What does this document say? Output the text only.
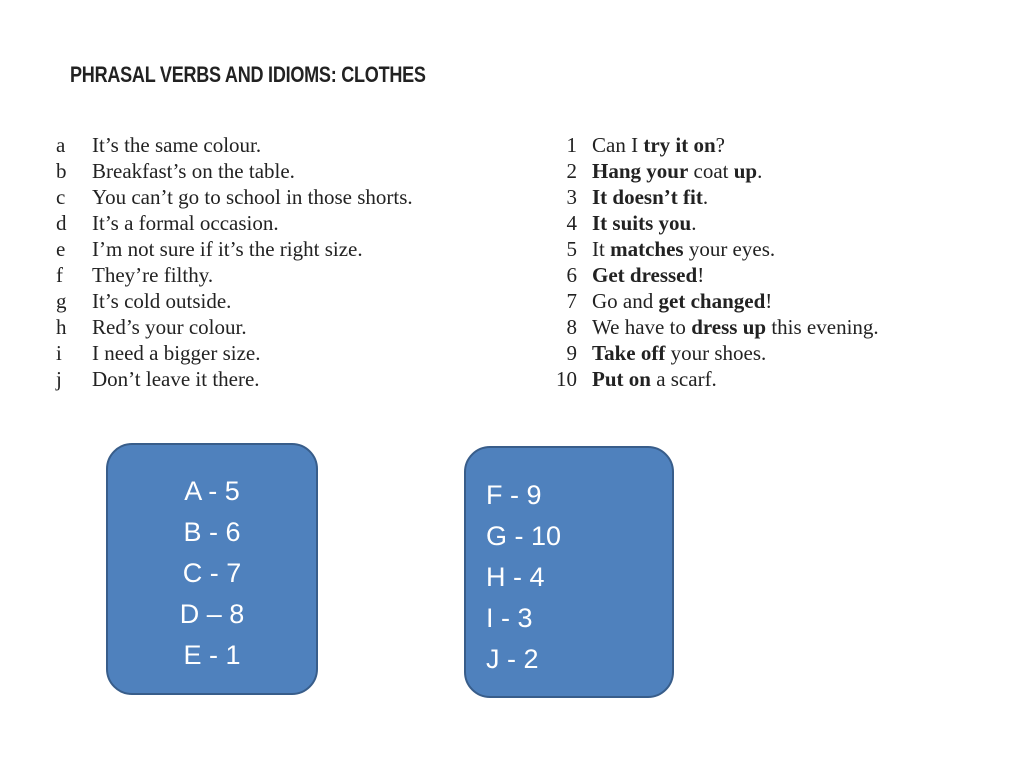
PHRASAL VERBS AND IDIOMS: CLOTHES
a	It’s the same colour.
b	Breakfast’s on the table.
c	You can’t go to school in those shorts.
d	It’s a formal occasion.
e	I’m not sure if it’s the right size.
f	They’re filthy.
g	It’s cold outside.
h	Red’s your colour.
i	I need a bigger size.
j	Don’t leave it there.
1 Can I try it on?
2 Hang your coat up.
3 It doesn’t fit.
4 It suits you.
5 It matches your eyes.
6 Get dressed!
7 Go and get changed!
8 We have to dress up this evening.
9 Take off your shoes.
10 Put on a scarf.
A - 5
B - 6
C - 7
D – 8
E - 1
F - 9
G - 10
H - 4
I - 3
J - 2
